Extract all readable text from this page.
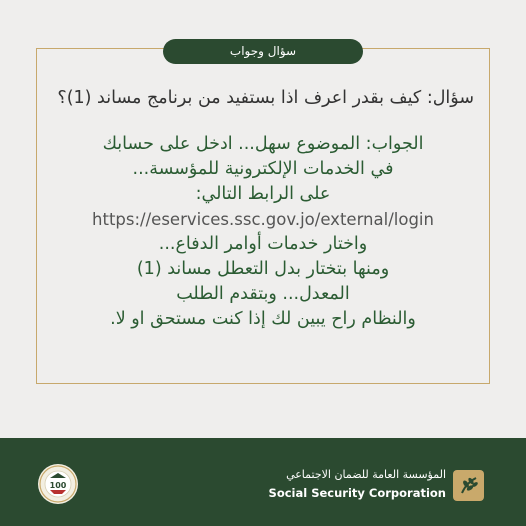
سؤال وجواب
سؤال: كيف بقدر اعرف اذا بستفيد من برنامج مساند (1)؟
الجواب: الموضوع سهل... ادخل على حسابك
في الخدمات الإلكترونية للمؤسسة...
على الرابط التالي:
https://eservices.ssc.gov.jo/external/login
واختار خدمات أوامر الدفاع...
ومنها بتختار بدل التعطل مساند (1)
المعدل... وبتقدم الطلب
والنظام راح يبين لك إذا كنت مستحق او لا.
المؤسسة العامة للضمان الاجتماعي
Social Security Corporation
100
